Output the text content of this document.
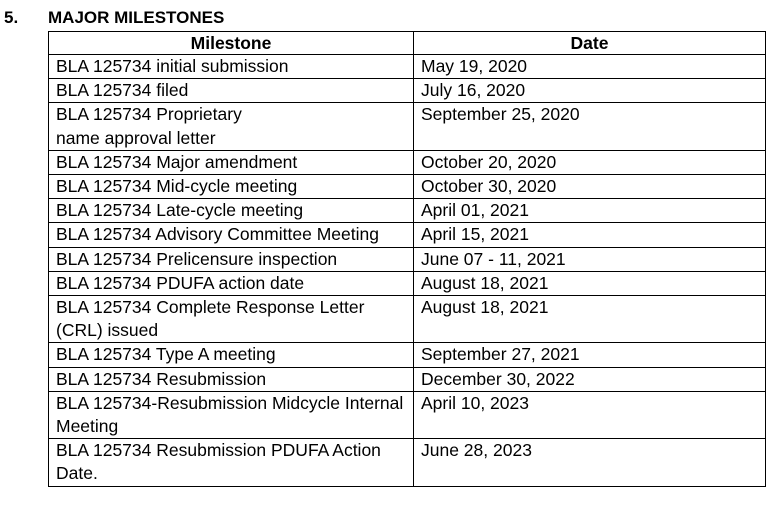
5. MAJOR MILESTONES
Milestone	Date
BLA 125734 initial submission	May 19, 2020
BLA 125734 filed	July 16, 2020
BLA 125734 Proprietary
name approval letter	September 25, 2020
BLA 125734 Major amendment	October 20, 2020
BLA 125734 Mid-cycle meeting	October 30, 2020
BLA 125734 Late-cycle meeting	April 01, 2021
BLA 125734 Advisory Committee Meeting	April 15, 2021
BLA 125734 Prelicensure inspection	June 07 - 11, 2021
BLA 125734 PDUFA action date	August 18, 2021
BLA 125734 Complete Response Letter (CRL) issued	August 18, 2021
BLA 125734 Type A meeting	September 27, 2021
BLA 125734 Resubmission	December 30, 2022
BLA 125734-Resubmission Midcycle Internal Meeting	April 10, 2023
BLA 125734 Resubmission PDUFA Action Date.	June 28, 2023
